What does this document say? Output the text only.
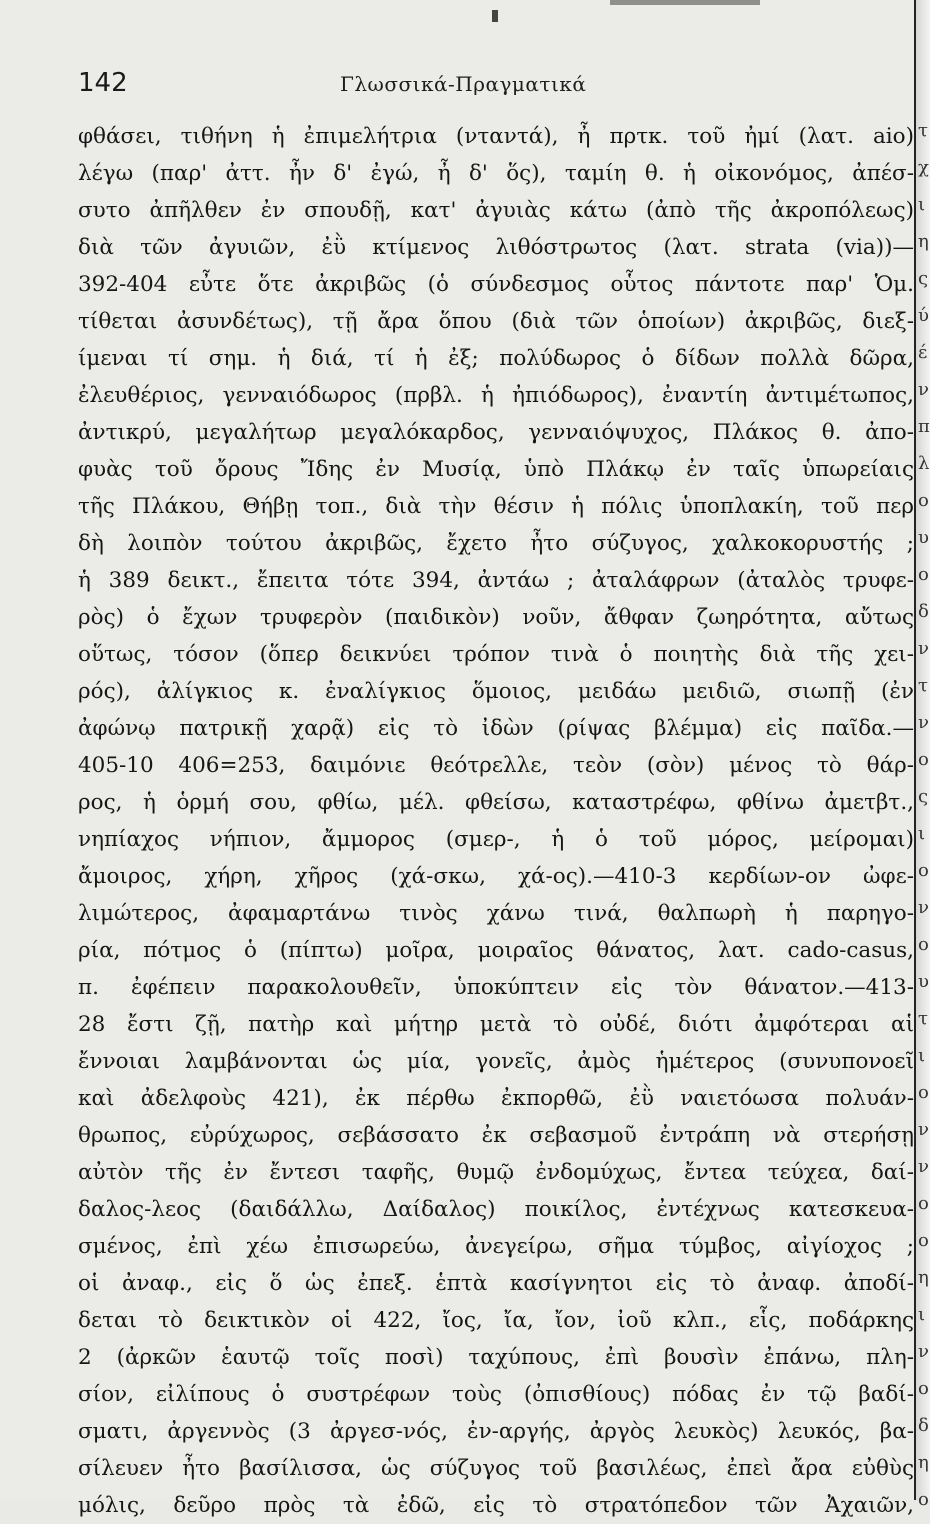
142	Γλωσσικά-Πραγματικά
φθάσει, τιθήνη ἡ ἐπιμελήτρια (νταντά), ἦ πρτκ. τοῦ ἠμί (λατ. aio)
λέγω (παρ' ἀττ. ἦν δ' ἐγώ, ἦ δ' ὅς), ταμίη θ. ἡ οἰκονόμος, ἀπέσ-
συτο ἀπῆλθεν ἐν σπουδῇ, κατ' ἀγυιὰς κάτω (ἀπὸ τῆς ἀκροπόλεως)
διὰ τῶν ἀγυιῶν, ἐῢ κτίμενος λιθόστρωτος (λατ. strata (via))—
392-404 εὖτε ὅτε ἀκριβῶς (ὁ σύνδεσμος οὗτος πάντοτε παρ' Ὁμ.
τίθεται ἀσυνδέτως), τῇ ἄρα ὅπου (διὰ τῶν ὁποίων) ἀκριβῶς, διεξ-
ίμεναι τί σημ. ἡ διά, τί ἡ ἐξ; πολύδωρος ὁ δίδων πολλὰ δῶρα,
ἐλευθέριος, γενναιόδωρος (πρβλ. ἡ ἠπιόδωρος), ἐναντίη ἀντιμέτωπος,
ἀντικρύ, μεγαλήτωρ μεγαλόκαρδος, γενναιόψυχος, Πλάκος θ. ἀπο-
φυὰς τοῦ ὄρους Ἴδης ἐν Μυσίᾳ, ὑπὸ Πλάκῳ ἐν ταῖς ὑπωρείαις
τῆς Πλάκου, Θήβῃ τοπ., διὰ τὴν θέσιν ἡ πόλις ὑποπλακίη, τοῦ περ
δὴ λοιπὸν τούτου ἀκριβῶς, ἔχετο ἦτο σύζυγος, χαλκοκορυστής ;
ἡ 389 δεικτ., ἔπειτα τότε 394, ἀντάω ; ἀταλάφρων (ἀταλὸς τρυφε-
ρὸς) ὁ ἔχων τρυφερὸν (παιδικὸν) νοῦν, ἄθφαν ζωηρότητα, αὔτως
οὕτως, τόσον (ὅπερ δεικνύει τρόπον τινὰ ὁ ποιητὴς διὰ τῆς χει-
ρός), ἀλίγκιος κ. ἐναλίγκιος ὅμοιος, μειδάω μειδιῶ, σιωπῇ (ἐν
ἀφώνῳ πατρικῇ χαρᾷ) εἰς τὸ ἰδὼν (ρίψας βλέμμα) εἰς παῖδα.—
405-10 406=253, δαιμόνιε θεότρελλε, τεὸν (σὸν) μένος τὸ θάρ-
ρος, ἡ ὁρμή σου, φθίω, μέλ. φθείσω, καταστρέφω, φθίνω ἀμετβτ.,
νηπίαχος νήπιον, ἄμμορος (σμερ-, ἡ ὁ τοῦ μόρος, μείρομαι)
ἄμοιρος, χήρη, χῆρος (χά-σκω, χά-ος).—410-3 κερδίων-ον ὠφε-
λιμώτερος, ἀφαμαρτάνω τινὸς χάνω τινά, θαλπωρὴ ἡ παρηγο-
ρία, πότμος ὁ (πίπτω) μοῖρα, μοιραῖος θάνατος, λατ. cado-casus,
π. ἐφέπειν παρακολουθεῖν, ὑποκύπτειν εἰς τὸν θάνατον.—413-
28 ἔστι ζῇ, πατὴρ καὶ μήτηρ μετὰ τὸ οὐδέ, διότι ἀμφότεραι αἱ
ἔννοιαι λαμβάνονται ὡς μία, γονεῖς, ἀμὸς ἡμέτερος (συνυπονοεῖ
καὶ ἀδελφοὺς 421), ἐκ πέρθω ἐκπορθῶ, ἐῢ ναιετόωσα πολυάν-
θρωπος, εὐρύχωρος, σεβάσσατο ἐκ σεβασμοῦ ἐντράπη νὰ στερήσῃ
αὐτὸν τῆς ἐν ἔντεσι ταφῆς, θυμῷ ἐνδομύχως, ἔντεα τεύχεα, δαί-
δαλος-λεος (δαιδάλλω, Δαίδαλος) ποικίλος, ἐντέχνως κατεσκευα-
σμένος, ἐπὶ χέω ἐπισωρεύω, ἀνεγείρω, σῆμα τύμβος, αἰγίοχος ;
οἱ ἀναφ., εἰς ὅ ὡς ἐπεξ. ἑπτὰ κασίγνητοι εἰς τὸ ἀναφ. ἀποδί-
δεται τὸ δεικτικὸν οἱ 422, ἴος, ἴα, ἴον, ἰοῦ κλπ., εἷς, ποδάρκης
2 (ἀρκῶν ἑαυτῷ τοῖς ποσὶ) ταχύπους, ἐπὶ βουσὶν ἐπάνω, πλη-
σίον, εἰλίπους ὁ συστρέφων τοὺς (ὀπισθίους) πόδας ἐν τῷ βαδί-
σματι, ἀργεννὸς (3 ἀργεσ-νός, ἐν-αργής, ἀργὸς λευκὸς) λευκός, βα-
σίλευεν ἦτο βασίλισσα, ὡς σύζυγος τοῦ βασιλέως, ἐπεὶ ἄρα εὐθὺς
μόλις, δεῦρο πρὸς τὰ ἐδῶ, εἰς τὸ στρατόπεδον τῶν Ἀχαιῶν,
τ
χ
ι
η
ς
ύ
έ
ν
π
λ
ο
υ
ο
δ
ν
τ
ν
ο
ς
ι
ο
ν
ο
υ
τ
ι
ο
ν
ν
ο
ο
η
ι
ν
ο
δ
η
ο
